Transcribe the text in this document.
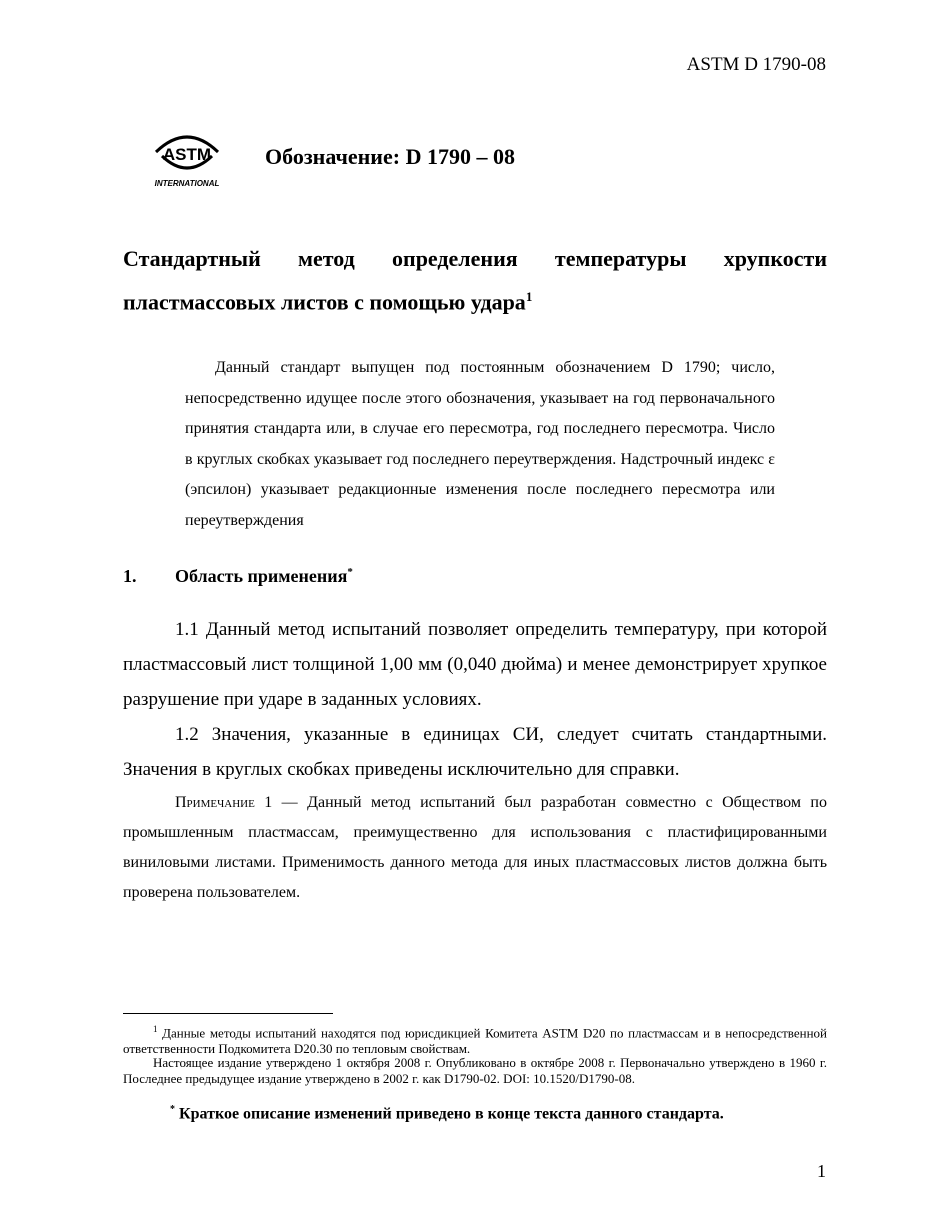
ASTM D 1790-08
ASTM
INTERNATIONAL
Обозначение: D 1790 – 08
Стандартный метод определения температуры хрупкости пластмассовых листов с помощью удара$^1$
Данный стандарт выпущен под постоянным обозначением D 1790; число, непосредственно идущее после этого обозначения, указывает на год первоначального принятия стандарта или, в случае его пересмотра, год последнего пересмотра. Число в круглых скобках указывает год последнего переутверждения. Надстрочный индекс ε (эпсилон) указывает редакционные изменения после последнего пересмотра или переутверждения
1. Область применения*
1.1 Данный метод испытаний позволяет определить температуру, при которой пластмассовый лист толщиной 1,00 мм (0,040 дюйма) и менее демонстрирует хрупкое разрушение при ударе в заданных условиях.
1.2 Значения, указанные в единицах СИ, следует считать стандартными. Значения в круглых скобках приведены исключительно для справки.
Примечание 1 — Данный метод испытаний был разработан совместно с Обществом по промышленным пластмассам, преимущественно для использования с пластифицированными виниловыми листами. Применимость данного метода для иных пластмассовых листов должна быть проверена пользователем.
$^1$ Данные методы испытаний находятся под юрисдикцией Комитета ASTM D20 по пластмассам и в непосредственной ответственности Подкомитета D20.30 по тепловым свойствам.
Настоящее издание утверждено 1 октября 2008 г. Опубликовано в октябре 2008 г. Первоначально утверждено в 1960 г. Последнее предыдущее издание утверждено в 2002 г. как D1790-02. DOI: 10.1520/D1790-08.
* Краткое описание изменений приведено в конце текста данного стандарта.
1
